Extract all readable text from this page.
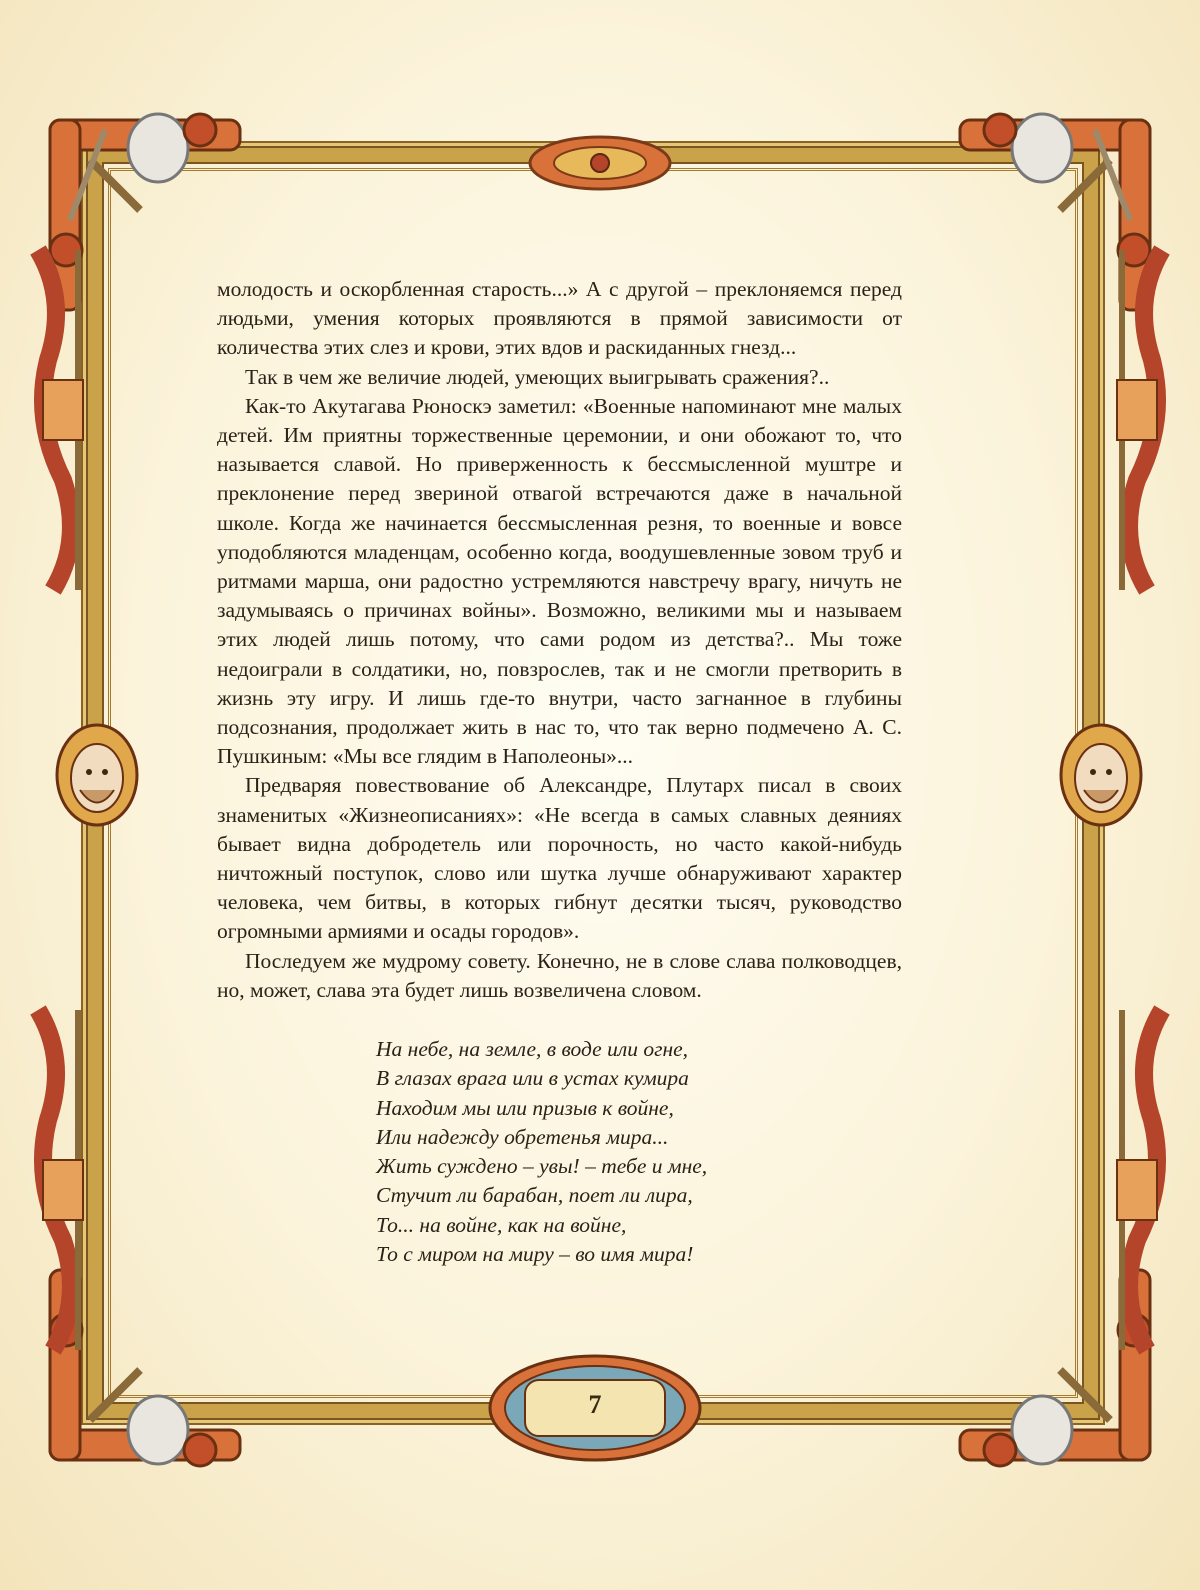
7

молодость и оскорбленная старость...» А с другой – преклоняемся перед людьми, умения которых проявляются в прямой зависимости от количества этих слез и крови, этих вдов и раскиданных гнезд...

Так в чем же величие людей, умеющих выигрывать сражения?..

Как-то Акутагава Рюноскэ заметил: «Военные напоминают мне малых детей. Им приятны торжественные церемонии, и они обожают то, что называется славой. Но приверженность к бессмысленной муштре и преклонение перед звериной отвагой встречаются даже в начальной школе. Когда же начинается бессмысленная резня, то военные и вовсе уподобляются младенцам, особенно когда, воодушевленные зовом труб и ритмами марша, они радостно устремляются навстречу врагу, ничуть не задумываясь о причинах войны». Возможно, великими мы и называем этих людей лишь потому, что сами родом из детства?.. Мы тоже недоиграли в солдатики, но, повзрослев, так и не смогли претворить в жизнь эту игру. И лишь где-то внутри, часто загнанное в глубины подсознания, продолжает жить в нас то, что так верно подмечено А. С. Пушкиным: «Мы все глядим в Наполеоны»...

Предваряя повествование об Александре, Плутарх писал в своих знаменитых «Жизнеописаниях»: «Не всегда в самых славных деяниях бывает видна добродетель или порочность, но часто какой-нибудь ничтожный поступок, слово или шутка лучше обнаруживают характер человека, чем битвы, в которых гибнут десятки тысяч, руководство огромными армиями и осады городов».

Последуем же мудрому совету. Конечно, не в слове слава полководцев, но, может, слава эта будет лишь возвеличена словом.

На небе, на земле, в воде или огне,
В глазах врага или в устах кумира
Находим мы или призыв к войне,
Или надежду обретенья мира...
Жить суждено – увы! – тебе и мне,
Стучит ли барабан, поет ли лира,
То... на войне, как на войне,
То с миром на миру – во имя мира!
